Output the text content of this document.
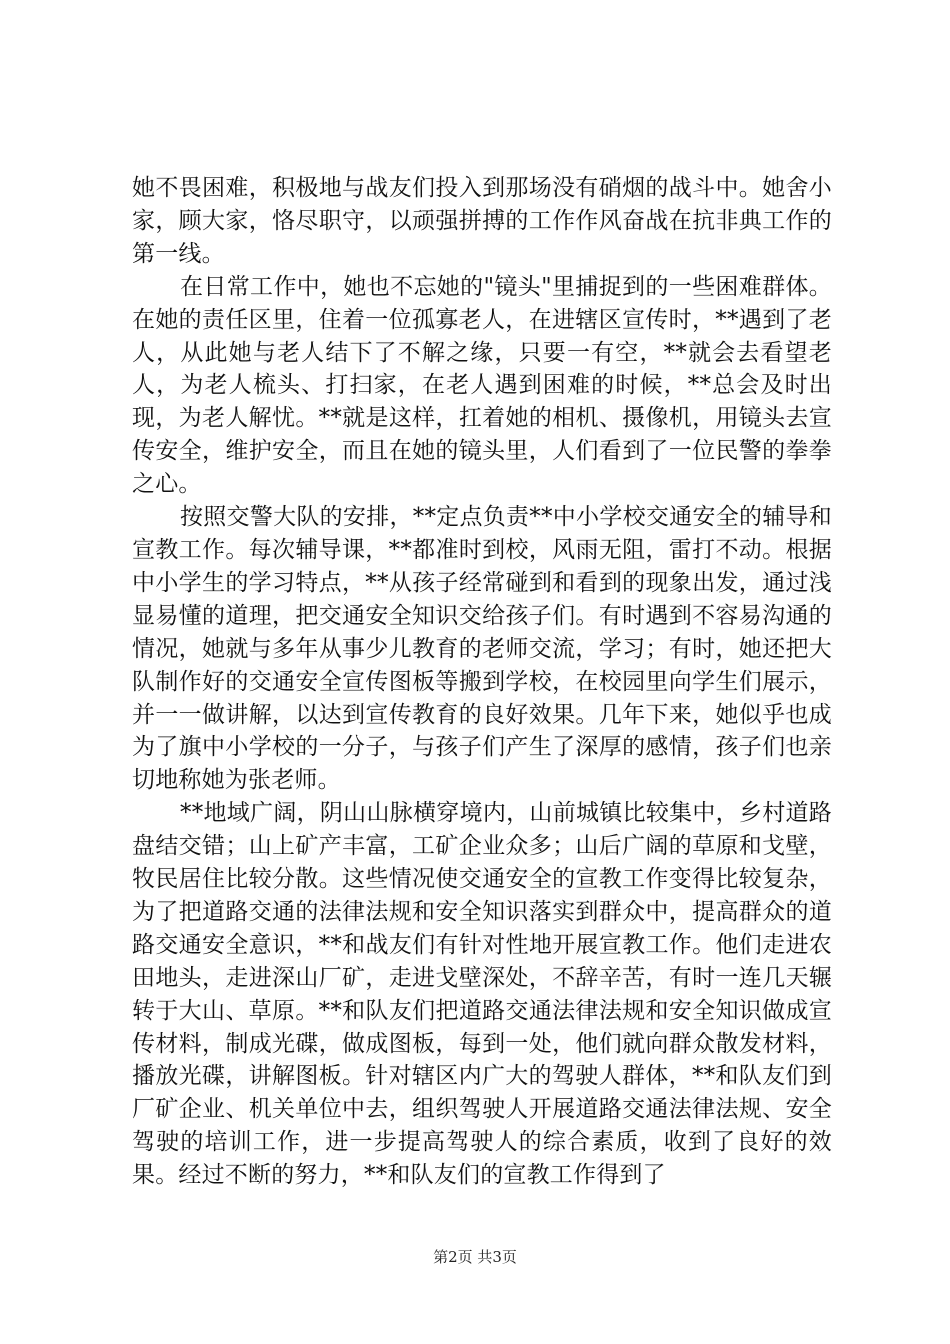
她不畏困难，积极地与战友们投入到那场没有硝烟的战斗中。她舍小家，顾大家，恪尽职守，以顽强拼搏的工作作风奋战在抗非典工作的第一线。

在日常工作中，她也不忘她的"镜头"里捕捉到的一些困难群体。在她的责任区里，住着一位孤寡老人，在进辖区宣传时，**遇到了老人，从此她与老人结下了不解之缘，只要一有空，**就会去看望老人，为老人梳头、打扫家，在老人遇到困难的时候，**总会及时出现，为老人解忧。**就是这样，扛着她的相机、摄像机，用镜头去宣传安全，维护安全，而且在她的镜头里，人们看到了一位民警的拳拳之心。

按照交警大队的安排，**定点负责**中小学校交通安全的辅导和宣教工作。每次辅导课，**都准时到校，风雨无阻，雷打不动。根据中小学生的学习特点，**从孩子经常碰到和看到的现象出发，通过浅显易懂的道理，把交通安全知识交给孩子们。有时遇到不容易沟通的情况，她就与多年从事少儿教育的老师交流，学习；有时，她还把大队制作好的交通安全宣传图板等搬到学校，在校园里向学生们展示，并一一做讲解，以达到宣传教育的良好效果。几年下来，她似乎也成为了旗中小学校的一分子，与孩子们产生了深厚的感情，孩子们也亲切地称她为张老师。

**地域广阔，阴山山脉横穿境内，山前城镇比较集中，乡村道路盘结交错；山上矿产丰富，工矿企业众多；山后广阔的草原和戈壁，牧民居住比较分散。这些情况使交通安全的宣教工作变得比较复杂，为了把道路交通的法律法规和安全知识落实到群众中，提高群众的道路交通安全意识，**和战友们有针对性地开展宣教工作。他们走进农田地头，走进深山厂矿，走进戈壁深处，不辞辛苦，有时一连几天辗转于大山、草原。**和队友们把道路交通法律法规和安全知识做成宣传材料，制成光碟，做成图板，每到一处，他们就向群众散发材料，播放光碟，讲解图板。针对辖区内广大的驾驶人群体，**和队友们到厂矿企业、机关单位中去，组织驾驶人开展道路交通法律法规、安全驾驶的培训工作，进一步提高驾驶人的综合素质，收到了良好的效果。经过不断的努力，**和队友们的宣教工作得到了

第2页 共3页
